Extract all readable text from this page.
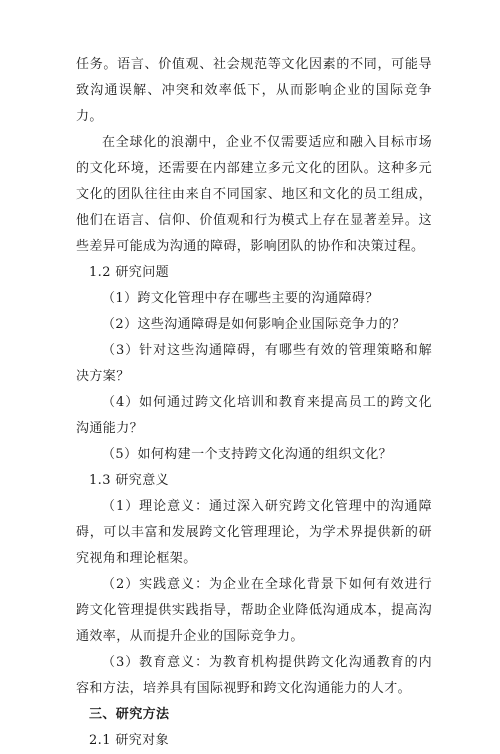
任务。语言、价值观、社会规范等文化因素的不同，可能导致沟通误解、冲突和效率低下，从而影响企业的国际竞争力。

在全球化的浪潮中，企业不仅需要适应和融入目标市场的文化环境，还需要在内部建立多元文化的团队。这种多元文化的团队往往由来自不同国家、地区和文化的员工组成，他们在语言、信仰、价值观和行为模式上存在显著差异。这些差异可能成为沟通的障碍，影响团队的协作和决策过程。

1.2 研究问题

（1）跨文化管理中存在哪些主要的沟通障碍？

（2）这些沟通障碍是如何影响企业国际竞争力的？

（3）针对这些沟通障碍，有哪些有效的管理策略和解决方案？

（4）如何通过跨文化培训和教育来提高员工的跨文化沟通能力？

（5）如何构建一个支持跨文化沟通的组织文化？

1.3 研究意义

（1）理论意义：通过深入研究跨文化管理中的沟通障碍，可以丰富和发展跨文化管理理论，为学术界提供新的研究视角和理论框架。

（2）实践意义：为企业在全球化背景下如何有效进行跨文化管理提供实践指导，帮助企业降低沟通成本，提高沟通效率，从而提升企业的国际竞争力。

（3）教育意义：为教育机构提供跨文化沟通教育的内容和方法，培养具有国际视野和跨文化沟通能力的人才。

三、研究方法

2.1 研究对象
